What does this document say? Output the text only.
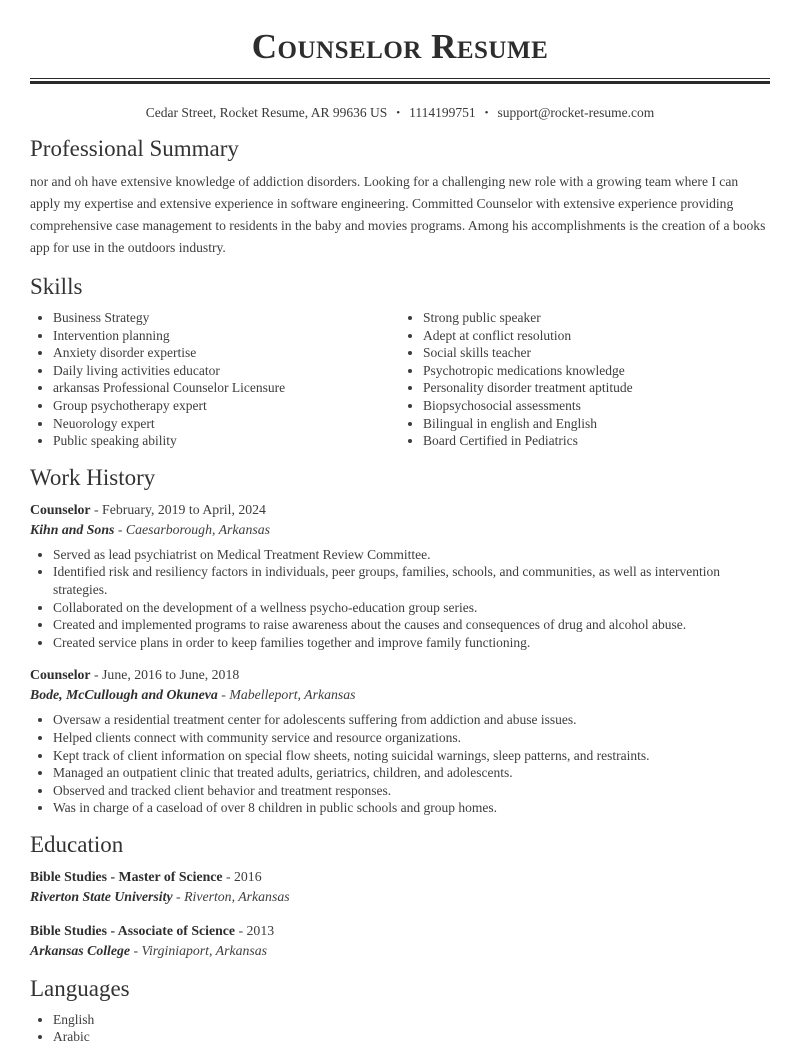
Counselor Resume
Cedar Street, Rocket Resume, AR 99636 US • 1114199751 • support@rocket-resume.com
Professional Summary

nor and oh have extensive knowledge of addiction disorders. Looking for a challenging new role with a growing team where I can apply my expertise and extensive experience in software engineering. Committed Counselor with extensive experience providing comprehensive case management to residents in the baby and movies programs. Among his accomplishments is the creation of a books app for use in the outdoors industry.

Skills
• Business Strategy
• Intervention planning
• Anxiety disorder expertise
• Daily living activities educator
• arkansas Professional Counselor Licensure
• Group psychotherapy expert
• Neuorology expert
• Public speaking ability
• Strong public speaker
• Adept at conflict resolution
• Social skills teacher
• Psychotropic medications knowledge
• Personality disorder treatment aptitude
• Biopsychosocial assessments
• Bilingual in english and English
• Board Certified in Pediatrics
Work History

Counselor - February, 2019 to April, 2024

Kihn and Sons - Caesarborough, Arkansas

• Served as lead psychiatrist on Medical Treatment Review Committee.
• Identified risk and resiliency factors in individuals, peer groups, families, schools, and communities, as well as intervention strategies.
• Collaborated on the development of a wellness psycho-education group series.
• Created and implemented programs to raise awareness about the causes and consequences of drug and alcohol abuse.
• Created service plans in order to keep families together and improve family functioning.

Counselor - June, 2016 to June, 2018

Bode, McCullough and Okuneva - Mabelleport, Arkansas

• Oversaw a residential treatment center for adolescents suffering from addiction and abuse issues.
• Helped clients connect with community service and resource organizations.
• Kept track of client information on special flow sheets, noting suicidal warnings, sleep patterns, and restraints.
• Managed an outpatient clinic that treated adults, geriatrics, children, and adolescents.
• Observed and tracked client behavior and treatment responses.
• Was in charge of a caseload of over 8 children in public schools and group homes.
Education

Bible Studies - Master of Science - 2016

Riverton State University - Riverton, Arkansas

Bible Studies - Associate of Science - 2013

Arkansas College - Virginiaport, Arkansas

Languages
• English
• Arabic
